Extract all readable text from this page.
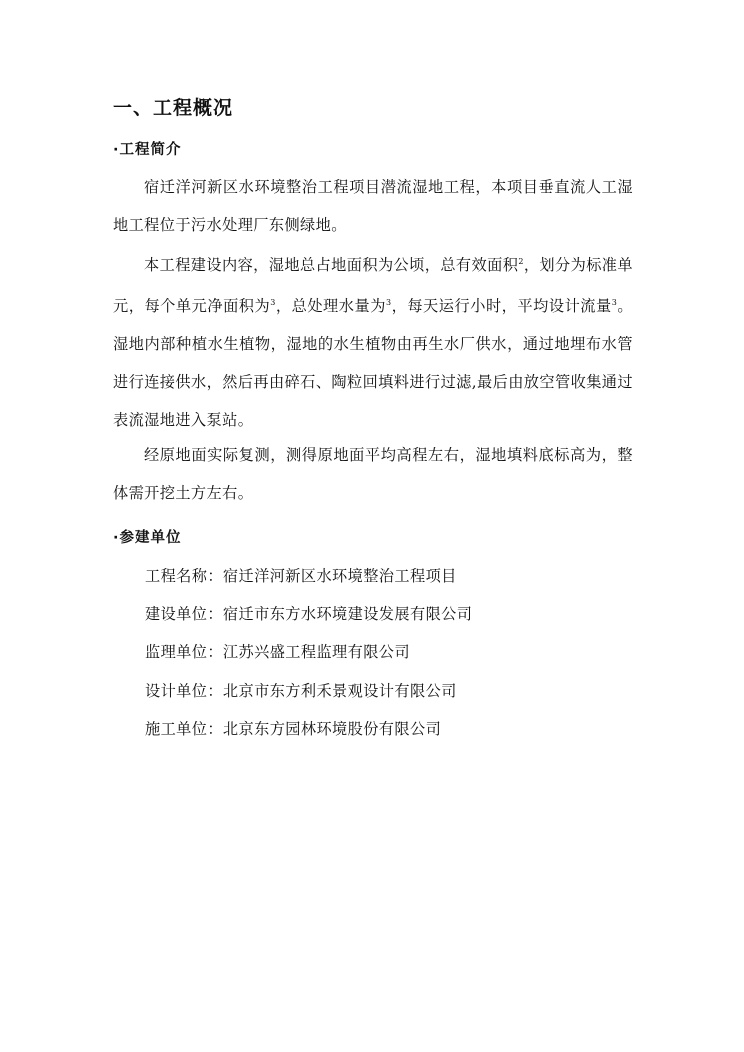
一、工程概况
·工程简介

宿迁洋河新区水环境整治工程项目潜流湿地工程，本项目垂直流人工湿地工程位于污水处理厂东侧绿地。

本工程建设内容，湿地总占地面积为公顷，总有效面积$^2$，划分为标准单元，每个单元净面积为$^3$，总处理水量为$^3$，每天运行小时，平均设计流量$^3$。湿地内部种植水生植物，湿地的水生植物由再生水厂供水，通过地埋布水管进行连接供水，然后再由碎石、陶粒回填料进行过滤,最后由放空管收集通过表流湿地进入泵站。

经原地面实际复测，测得原地面平均高程左右，湿地填料底标高为，整体需开挖土方左右。

·参建单位

工程名称：宿迁洋河新区水环境整治工程项目

建设单位：宿迁市东方水环境建设发展有限公司

监理单位：江苏兴盛工程监理有限公司

设计单位：北京市东方利禾景观设计有限公司

施工单位：北京东方园林环境股份有限公司
